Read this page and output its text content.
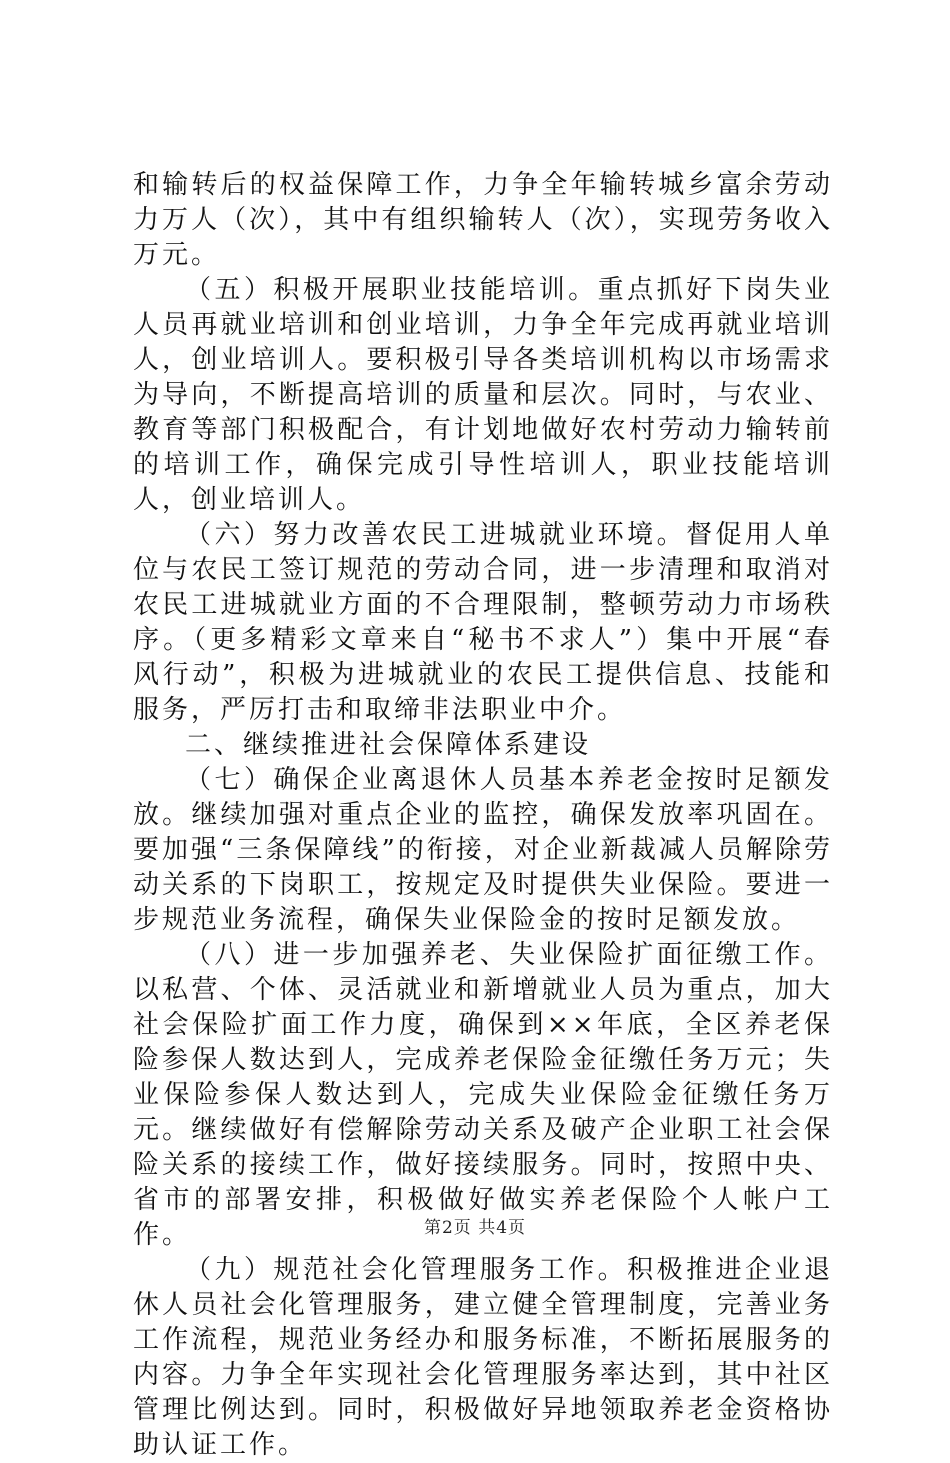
和输转后的权益保障工作，力争全年输转城乡富余劳动力万人（次），其中有组织输转人（次），实现劳务收入万元。

（五）积极开展职业技能培训。重点抓好下岗失业人员再就业培训和创业培训，力争全年完成再就业培训人，创业培训人。要积极引导各类培训机构以市场需求为导向，不断提高培训的质量和层次。同时，与农业、教育等部门积极配合，有计划地做好农村劳动力输转前的培训工作，确保完成引导性培训人，职业技能培训人，创业培训人。

（六）努力改善农民工进城就业环境。督促用人单位与农民工签订规范的劳动合同，进一步清理和取消对农民工进城就业方面的不合理限制，整顿劳动力市场秩序。（更多精彩文章来自“秘书不求人”）集中开展“春风行动”，积极为进城就业的农民工提供信息、技能和服务，严厉打击和取缔非法职业中介。

二、继续推进社会保障体系建设

（七）确保企业离退休人员基本养老金按时足额发放。继续加强对重点企业的监控，确保发放率巩固在。要加强“三条保障线”的衔接，对企业新裁减人员解除劳动关系的下岗职工，按规定及时提供失业保险。要进一步规范业务流程，确保失业保险金的按时足额发放。

（八）进一步加强养老、失业保险扩面征缴工作。以私营、个体、灵活就业和新增就业人员为重点，加大社会保险扩面工作力度，确保到××年底，全区养老保险参保人数达到人，完成养老保险金征缴任务万元；失业保险参保人数达到人，完成失业保险金征缴任务万元。继续做好有偿解除劳动关系及破产企业职工社会保险关系的接续工作，做好接续服务。同时，按照中央、省市的部署安排，积极做好做实养老保险个人帐户工作。

（九）规范社会化管理服务工作。积极推进企业退休人员社会化管理服务，建立健全管理制度，完善业务工作流程，规范业务经办和服务标准，不断拓展服务的内容。力争全年实现社会化管理服务率达到，其中社区管理比例达到。同时，积极做好异地领取养老金资格协助认证工作。

第2页 共4页
